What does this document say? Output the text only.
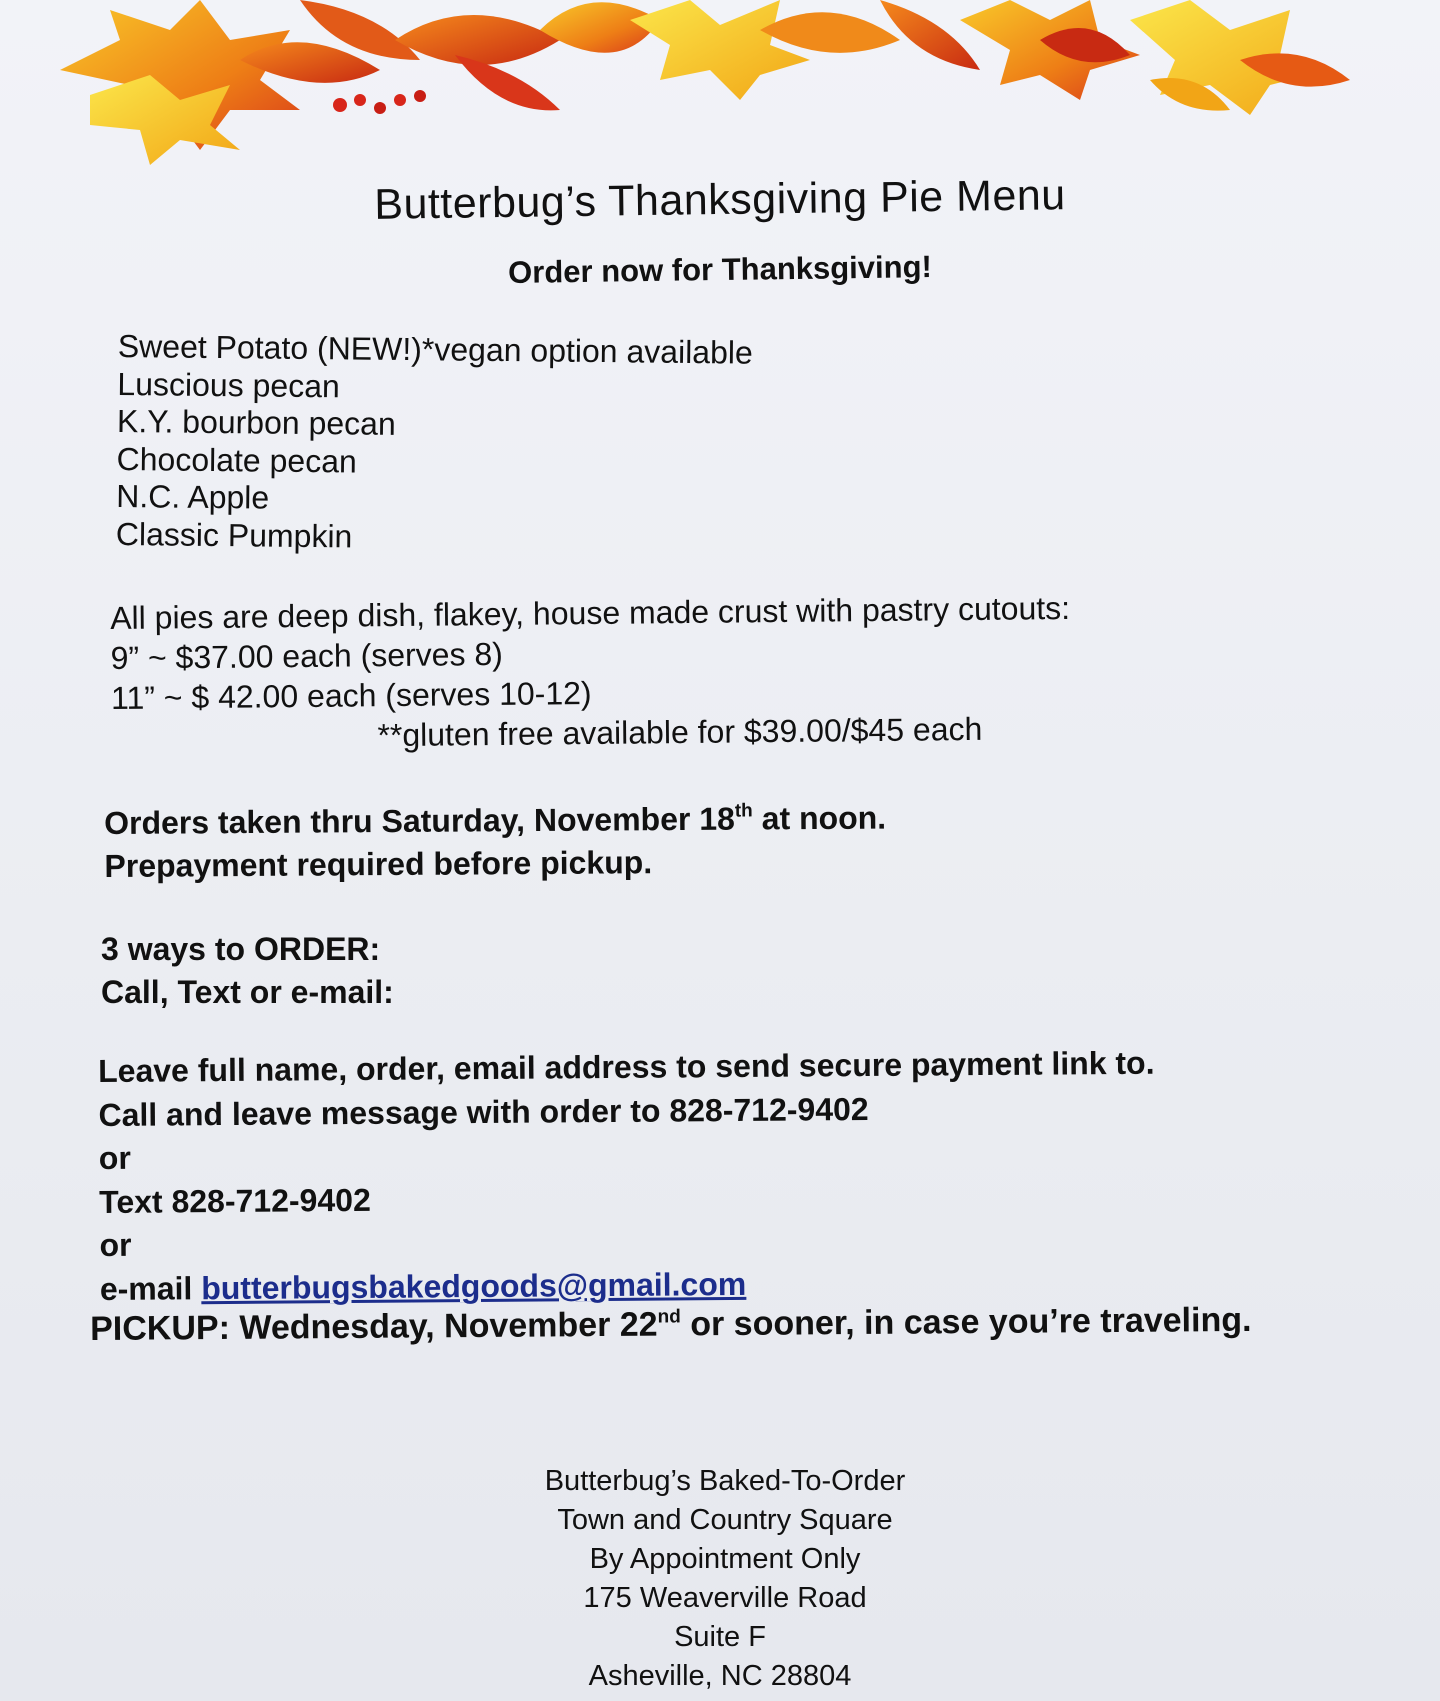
Butterbug’s Thanksgiving Pie Menu
Order now for Thanksgiving!
Sweet Potato (NEW!)*vegan option available
Luscious pecan
K.Y. bourbon pecan
Chocolate pecan
N.C. Apple
Classic Pumpkin
All pies are deep dish, flakey, house made crust with pastry cutouts:
9” ~ $37.00 each (serves 8)
11” ~ $ 42.00 each (serves 10-12)
**gluten free available for $39.00/$45 each
Orders taken thru Saturday, November 18th at noon.
Prepayment required before pickup.
3 ways to ORDER:
Call, Text or e-mail:
Leave full name, order, email address to send secure payment link to.
Call and leave message with order to 828-712-9402
or
Text 828-712-9402
or
e-mail butterbugsbakedgoods@gmail.com
PICKUP: Wednesday, November 22nd or sooner, in case you’re traveling.
Butterbug’s Baked-To-Order
Town and Country Square
By Appointment Only
175 Weaverville Road
Suite F
Asheville, NC 28804
